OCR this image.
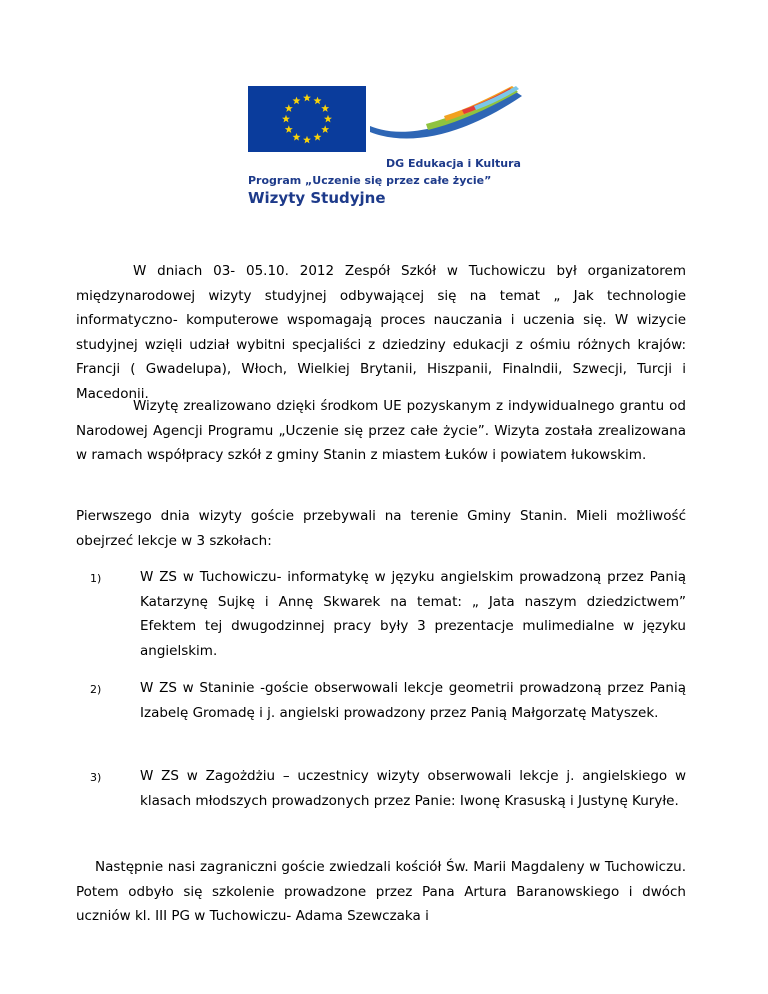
DG Edukacja i Kultura
Program „Uczenie się przez całe życie”
Wizyty Studyjne
W dniach 03- 05.10. 2012 Zespół Szkół w Tuchowiczu był organizatorem międzynarodowej wizyty studyjnej odbywającej się na temat „ Jak technologie informatyczno- komputerowe wspomagają proces nauczania i uczenia się. W wizycie studyjnej wzięli udział wybitni specjaliści z dziedziny edukacji z ośmiu różnych krajów: Francji ( Gwadelupa), Włoch, Wielkiej Brytanii, Hiszpanii, Finalndii, Szwecji, Turcji i Macedonii.
Wizytę zrealizowano dzięki środkom UE pozyskanym z indywidualnego grantu od Narodowej Agencji Programu „Uczenie się przez całe życie”. Wizyta została zrealizowana w ramach współpracy szkół z gminy Stanin z miastem Łuków i powiatem łukowskim.
Pierwszego dnia wizyty goście przebywali na terenie Gminy Stanin. Mieli możliwość obejrzeć lekcje w 3 szkołach:
1)	W ZS w Tuchowiczu- informatykę w języku angielskim prowadzoną przez Panią Katarzynę Sujkę i Annę Skwarek na temat: „ Jata naszym dziedzictwem” Efektem tej dwugodzinnej pracy były 3 prezentacje mulimedialne w języku angielskim.
2)	W ZS w Staninie -goście obserwowali lekcje geometrii prowadzoną przez Panią Izabelę Gromadę i j. angielski prowadzony przez Panią Małgorzatę Matyszek.
3)	W ZS w Zagożdżiu – uczestnicy wizyty obserwowali lekcje j. angielskiego w klasach młodszych prowadzonych przez Panie: Iwonę Krasuską i Justynę Kuryłe.
Następnie nasi zagraniczni goście zwiedzali kościół Św. Marii Magdaleny w Tuchowiczu. Potem odbyło się szkolenie prowadzone przez Pana Artura Baranowskiego i dwóch uczniów kl. III PG w Tuchowiczu- Adama Szewczaka i
